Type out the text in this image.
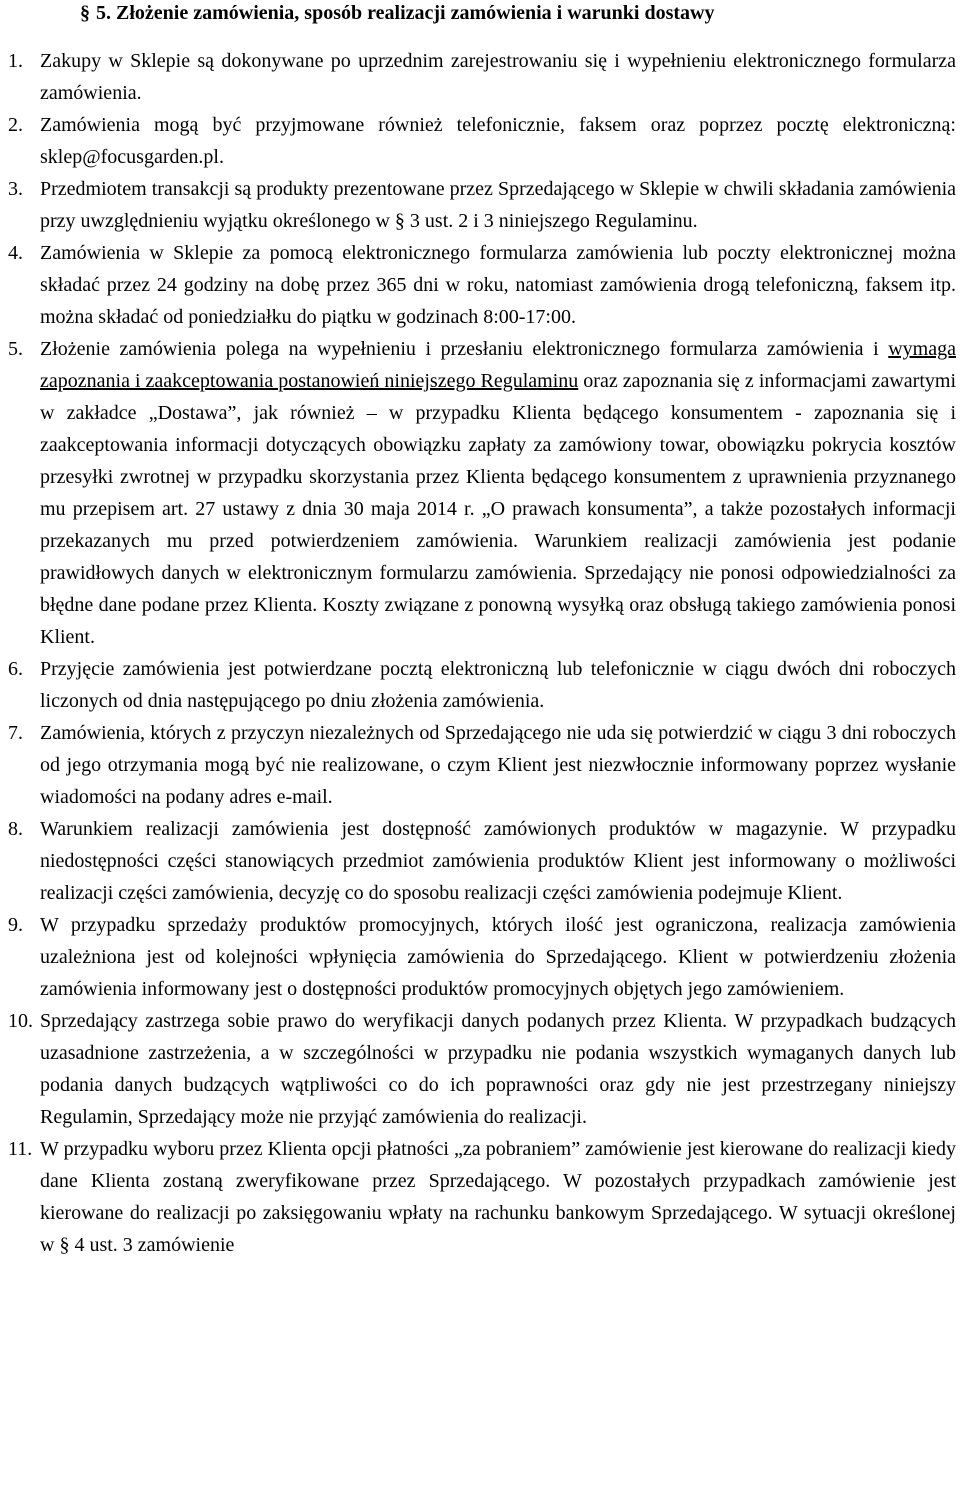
§ 5. Złożenie zamówienia, sposób realizacji zamówienia i warunki dostawy
1. Zakupy w Sklepie są dokonywane po uprzednim zarejestrowaniu się i wypełnieniu elektronicznego formularza zamówienia.
2. Zamówienia mogą być przyjmowane również telefonicznie, faksem oraz poprzez pocztę elektroniczną: sklep@focusgarden.pl.
3. Przedmiotem transakcji są produkty prezentowane przez Sprzedającego w Sklepie w chwili składania zamówienia przy uwzględnieniu wyjątku określonego w § 3 ust. 2 i 3 niniejszego Regulaminu.
4. Zamówienia w Sklepie za pomocą elektronicznego formularza zamówienia lub poczty elektronicznej można składać przez 24 godziny na dobę przez 365 dni w roku, natomiast zamówienia drogą telefoniczną, faksem itp. można składać od poniedziałku do piątku w godzinach 8:00-17:00.
5. Złożenie zamówienia polega na wypełnieniu i przesłaniu elektronicznego formularza zamówienia i wymaga zapoznania i zaakceptowania postanowień niniejszego Regulaminu oraz zapoznania się z informacjami zawartymi w zakładce „Dostawa”, jak również – w przypadku Klienta będącego konsumentem - zapoznania się i zaakceptowania informacji dotyczących obowiązku zapłaty za zamówiony towar, obowiązku pokrycia kosztów przesyłki zwrotnej w przypadku skorzystania przez Klienta będącego konsumentem z uprawnienia przyznanego mu przepisem art. 27 ustawy z dnia 30 maja 2014 r. „O prawach konsumenta”, a także pozostałych informacji przekazanych mu przed potwierdzeniem zamówienia. Warunkiem realizacji zamówienia jest podanie prawidłowych danych w elektronicznym formularzu zamówienia. Sprzedający nie ponosi odpowiedzialności za błędne dane podane przez Klienta. Koszty związane z ponowną wysyłką oraz obsługą takiego zamówienia ponosi Klient.
6. Przyjęcie zamówienia jest potwierdzane pocztą elektroniczną lub telefonicznie w ciągu dwóch dni roboczych liczonych od dnia następującego po dniu złożenia zamówienia.
7. Zamówienia, których z przyczyn niezależnych od Sprzedającego nie uda się potwierdzić w ciągu 3 dni roboczych od jego otrzymania mogą być nie realizowane, o czym Klient jest niezwłocznie informowany poprzez wysłanie wiadomości na podany adres e-mail.
8. Warunkiem realizacji zamówienia jest dostępność zamówionych produktów w magazynie. W przypadku niedostępności części stanowiących przedmiot zamówienia produktów Klient jest informowany o możliwości realizacji części zamówienia, decyzję co do sposobu realizacji części zamówienia podejmuje Klient.
9. W przypadku sprzedaży produktów promocyjnych, których ilość jest ograniczona, realizacja zamówienia uzależniona jest od kolejności wpłynięcia zamówienia do Sprzedającego. Klient w potwierdzeniu złożenia zamówienia informowany jest o dostępności produktów promocyjnych objętych jego zamówieniem.
10. Sprzedający zastrzega sobie prawo do weryfikacji danych podanych przez Klienta. W przypadkach budzących uzasadnione zastrzeżenia, a w szczególności w przypadku nie podania wszystkich wymaganych danych lub podania danych budzących wątpliwości co do ich poprawności oraz gdy nie jest przestrzegany niniejszy Regulamin, Sprzedający może nie przyjąć zamówienia do realizacji.
11. W przypadku wyboru przez Klienta opcji płatności „za pobraniem” zamówienie jest kierowane do realizacji kiedy dane Klienta zostaną zweryfikowane przez Sprzedającego. W pozostałych przypadkach zamówienie jest kierowane do realizacji po zaksięgowaniu wpłaty na rachunku bankowym Sprzedającego. W sytuacji określonej w § 4 ust. 3 zamówienie
